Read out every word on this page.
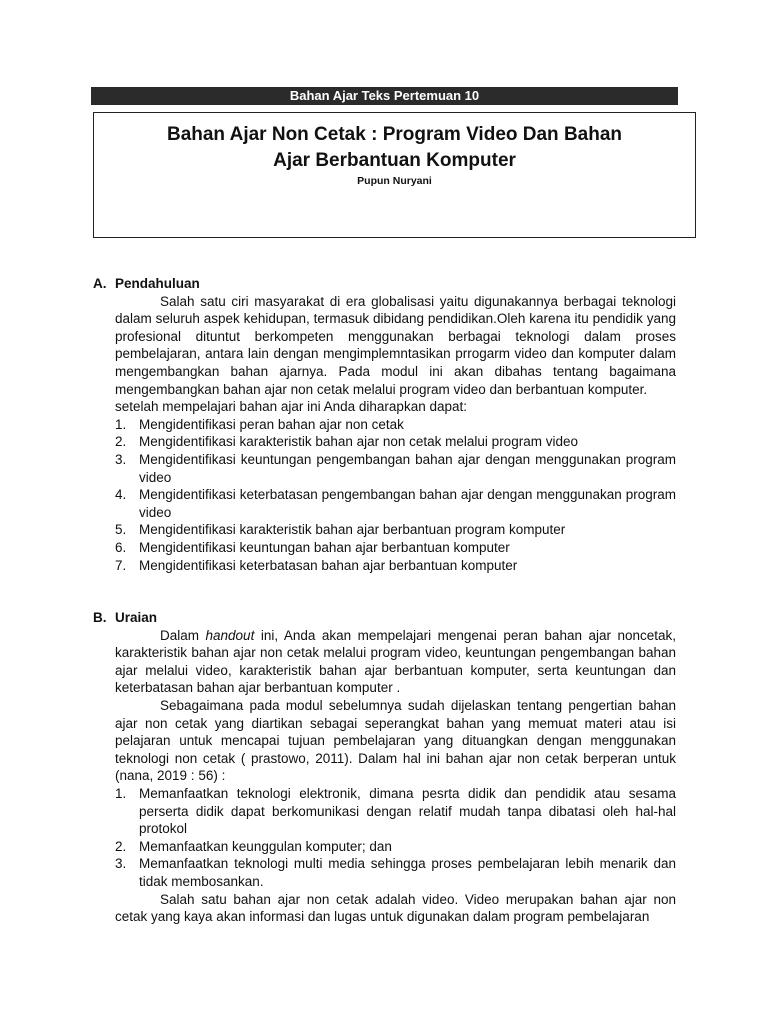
Bahan Ajar Teks Pertemuan 10
Bahan Ajar Non Cetak : Program Video Dan Bahan
Ajar Berbantuan Komputer
Pupun Nuryani

A. Pendahuluan

Salah satu ciri masyarakat di era globalisasi yaitu digunakannya berbagai teknologi dalam seluruh aspek kehidupan, termasuk dibidang pendidikan.Oleh karena itu pendidik yang profesional dituntut berkompeten menggunakan berbagai teknologi dalam proses pembelajaran, antara lain dengan mengimplemntasikan prrogarm video dan komputer dalam mengembangkan bahan ajarnya. Pada modul ini akan dibahas tentang bagaimana mengembangkan bahan ajar non cetak melalui program video dan berbantuan komputer.

setelah mempelajari bahan ajar ini Anda diharapkan dapat:

1. Mengidentifikasi peran bahan ajar non cetak
2. Mengidentifikasi karakteristik bahan ajar non cetak melalui program video
3. Mengidentifikasi keuntungan pengembangan bahan ajar dengan menggunakan program video
4. Mengidentifikasi keterbatasan pengembangan bahan ajar dengan menggunakan program video
5. Mengidentifikasi karakteristik bahan ajar berbantuan program komputer
6. Mengidentifikasi keuntungan bahan ajar berbantuan komputer
7. Mengidentifikasi keterbatasan bahan ajar berbantuan komputer

B. Uraian

Dalam handout ini, Anda akan mempelajari mengenai peran bahan ajar noncetak, karakteristik bahan ajar non cetak melalui program video, keuntungan pengembangan bahan ajar melalui video, karakteristik bahan ajar berbantuan komputer, serta keuntungan dan keterbatasan bahan ajar berbantuan komputer .

Sebagaimana pada modul sebelumnya sudah dijelaskan tentang pengertian bahan ajar non cetak yang diartikan sebagai seperangkat bahan yang memuat materi atau isi pelajaran untuk mencapai tujuan pembelajaran yang dituangkan dengan menggunakan teknologi non cetak ( prastowo, 2011). Dalam hal ini bahan ajar non cetak berperan untuk (nana, 2019 : 56) :

1. Memanfaatkan teknologi elektronik, dimana pesrta didik dan pendidik atau sesama perserta didik dapat berkomunikasi dengan relatif mudah tanpa dibatasi oleh hal-hal protokol
2. Memanfaatkan keunggulan komputer; dan
3. Memanfaatkan teknologi multi media sehingga proses pembelajaran lebih menarik dan tidak membosankan.

Salah satu bahan ajar non cetak adalah video. Video merupakan bahan ajar non cetak yang kaya akan informasi dan lugas untuk digunakan dalam program pembelajaran
